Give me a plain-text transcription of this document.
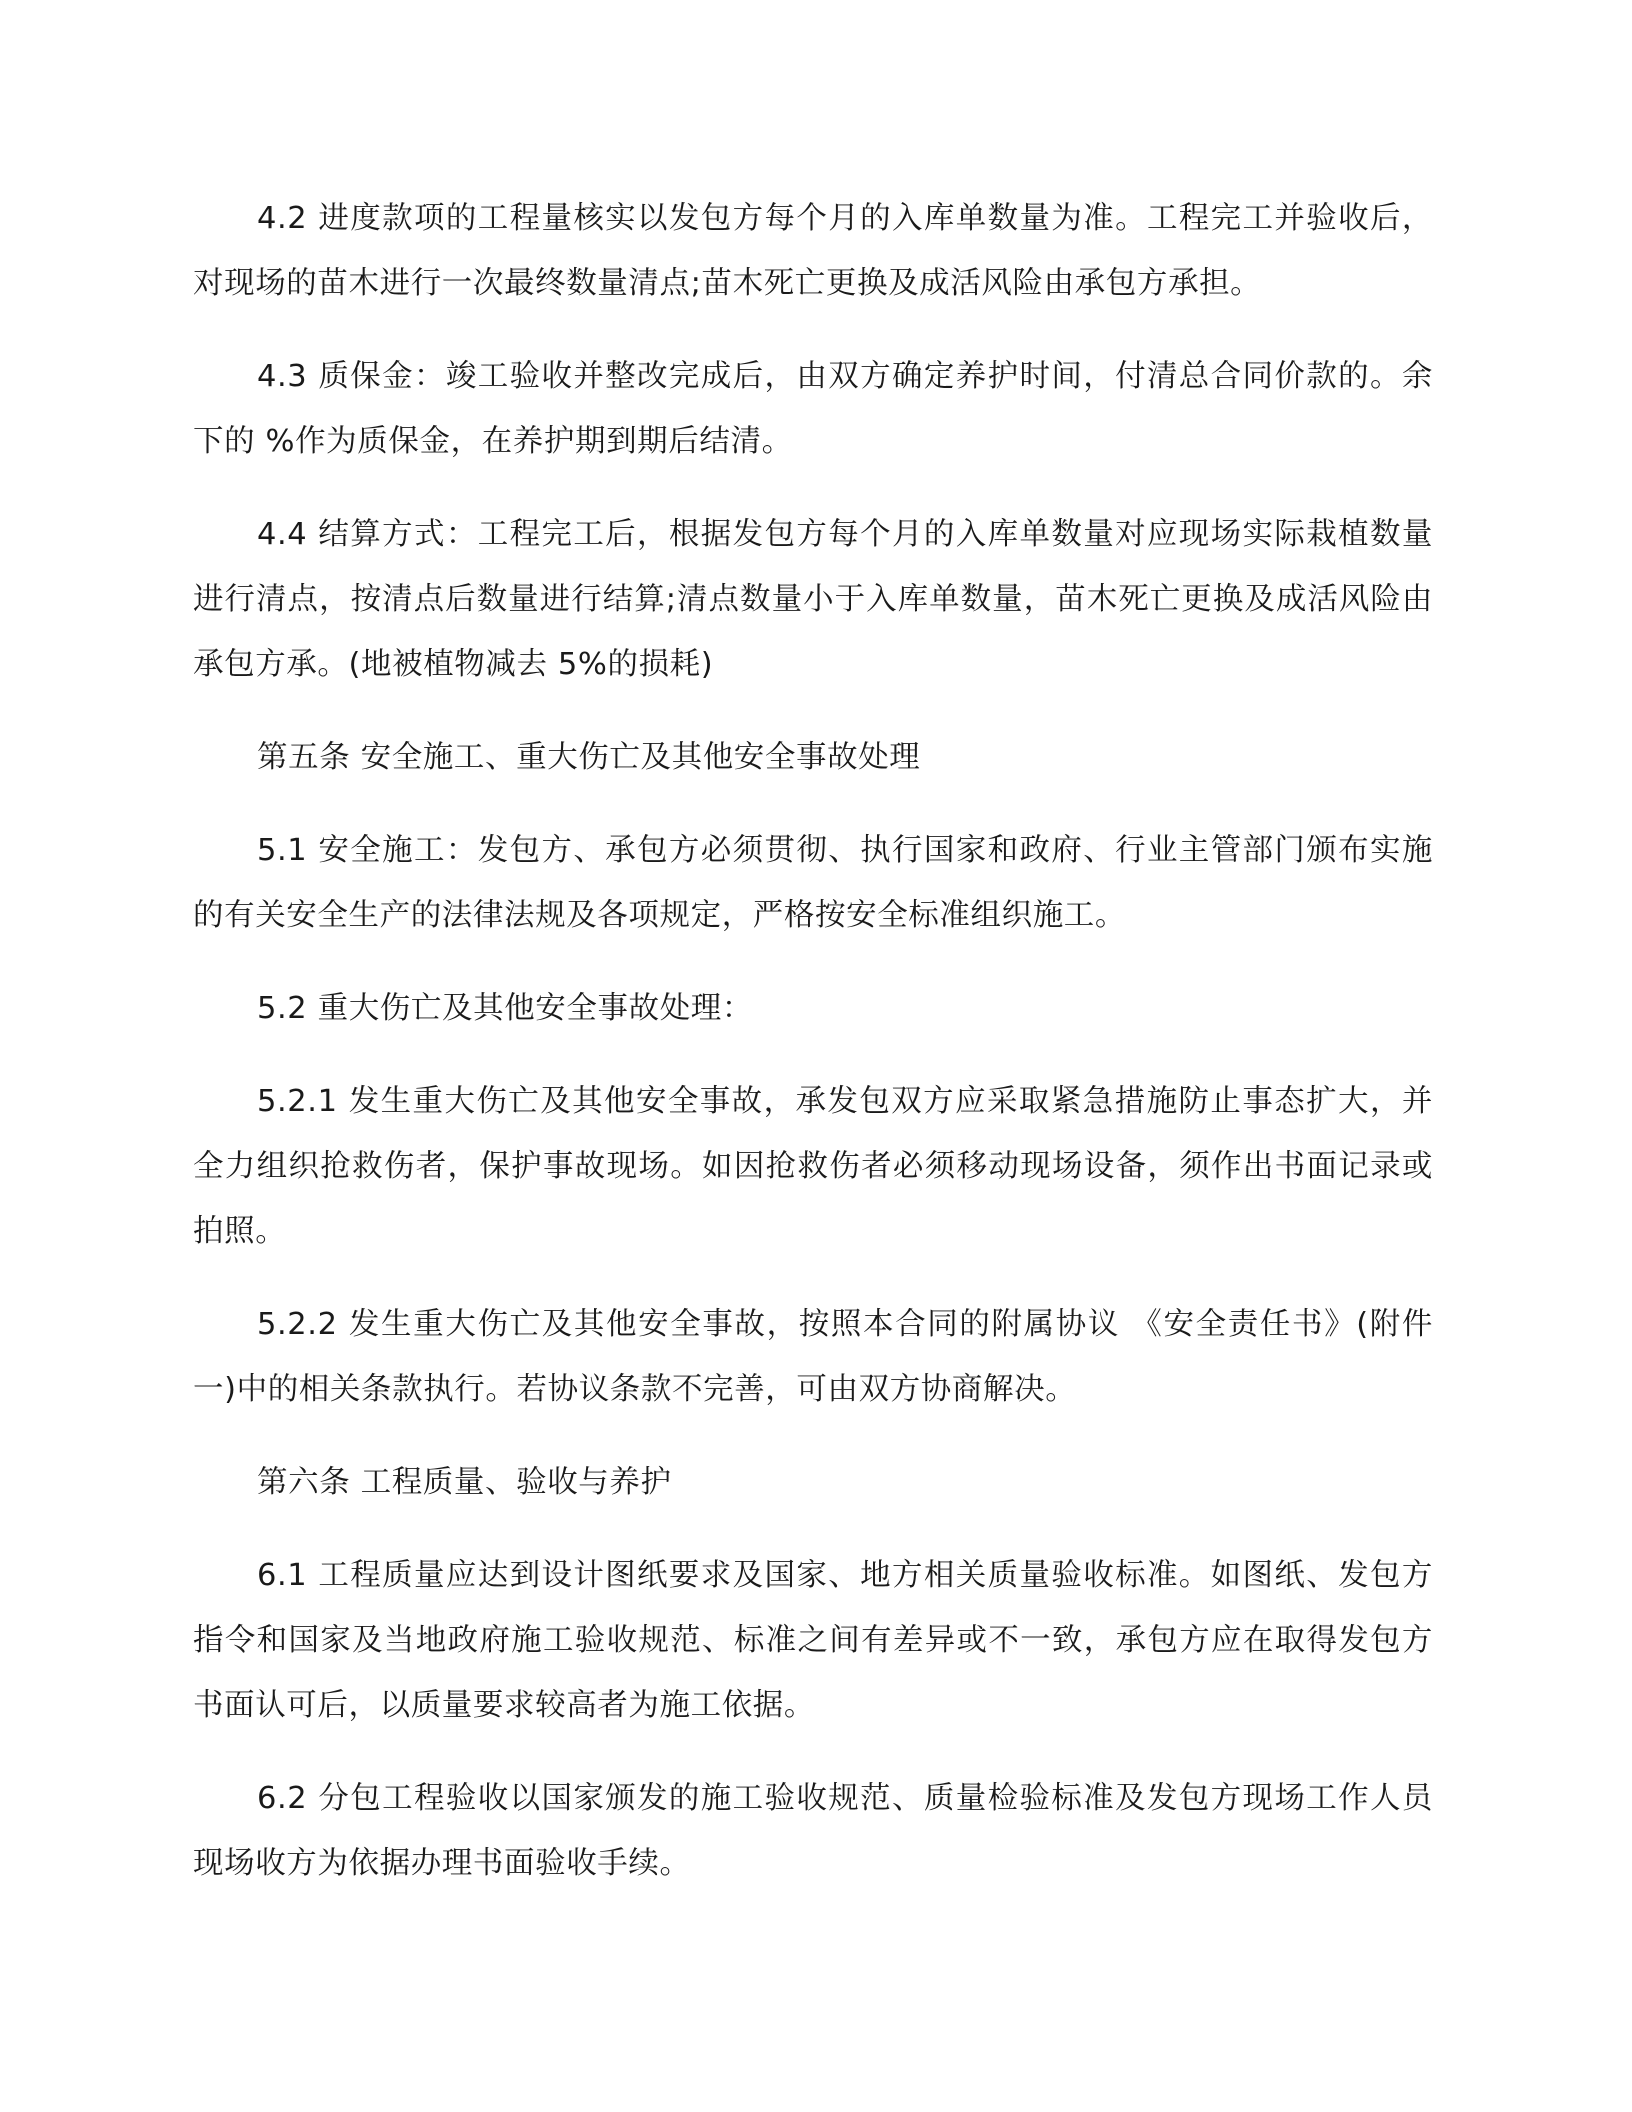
4.2 进度款项的工程量核实以发包方每个月的入库单数量为准。工程完工并验收后，对现场的苗木进行一次最终数量清点;苗木死亡更换及成活风险由承包方承担。

4.3 质保金：竣工验收并整改完成后，由双方确定养护时间，付清总合同价款的。余下的 %作为质保金，在养护期到期后结清。

4.4 结算方式：工程完工后，根据发包方每个月的入库单数量对应现场实际栽植数量进行清点，按清点后数量进行结算;清点数量小于入库单数量，苗木死亡更换及成活风险由承包方承。(地被植物减去 5%的损耗)

第五条 安全施工、重大伤亡及其他安全事故处理

5.1 安全施工：发包方、承包方必须贯彻、执行国家和政府、行业主管部门颁布实施的有关安全生产的法律法规及各项规定，严格按安全标准组织施工。

5.2 重大伤亡及其他安全事故处理：

5.2.1 发生重大伤亡及其他安全事故，承发包双方应采取紧急措施防止事态扩大，并全力组织抢救伤者，保护事故现场。如因抢救伤者必须移动现场设备，须作出书面记录或拍照。

5.2.2 发生重大伤亡及其他安全事故，按照本合同的附属协议 《安全责任书》(附件一)中的相关条款执行。若协议条款不完善，可由双方协商解决。

第六条 工程质量、验收与养护

6.1 工程质量应达到设计图纸要求及国家、地方相关质量验收标准。如图纸、发包方指令和国家及当地政府施工验收规范、标准之间有差异或不一致，承包方应在取得发包方书面认可后，以质量要求较高者为施工依据。

6.2 分包工程验收以国家颁发的施工验收规范、质量检验标准及发包方现场工作人员现场收方为依据办理书面验收手续。
